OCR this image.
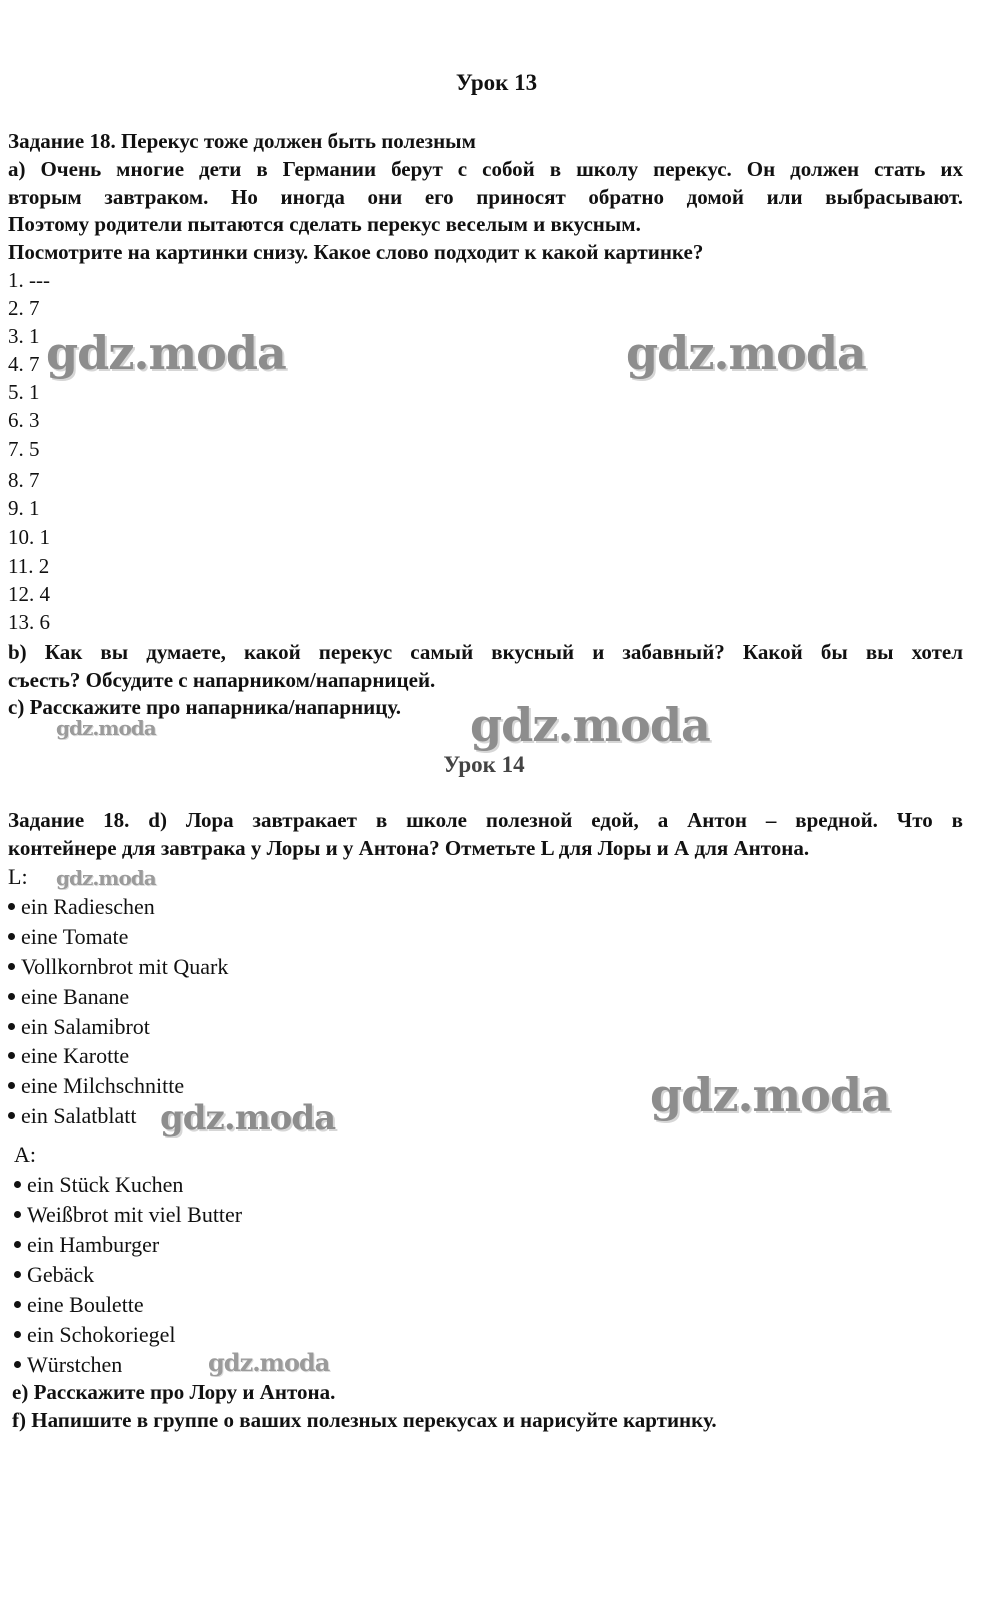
Урок 13
Задание 18. Перекус тоже должен быть полезным
a) Очень многие дети в Германии берут с собой в школу перекус. Он должен стать их
вторым завтраком. Но иногда они его приносят обратно домой или выбрасывают.
Поэтому родители пытаются сделать перекус веселым и вкусным.
Посмотрите на картинки снизу. Какое слово подходит к какой картинке?
1. ---
2. 7
3. 1
4. 7
5. 1
6. 3
7. 5
8. 7
9. 1
10. 1
11. 2
12. 4
13. 6
b) Как вы думаете, какой перекус самый вкусный и забавный? Какой бы вы хотел
съесть? Обсудите с напарником/напарницей.
c) Расскажите про напарника/напарницу.
Урок 14
Задание 18. d) Лора завтракает в школе полезной едой, а Антон – вредной. Что в
контейнере для завтрака у Лоры и у Антона? Отметьте L для Лоры и А для Антона.
L:
ein Radieschen
eine Tomate
Vollkornbrot mit Quark
eine Banane
ein Salamibrot
eine Karotte
eine Milchschnitte
ein Salatblatt
A:
ein Stück Kuchen
Weißbrot mit viel Butter
ein Hamburger
Gebäck
eine Boulette
ein Schokoriegel
Würstchen
e) Расскажите про Лору и Антона.
f) Напишите в группе о ваших полезных перекусах и нарисуйте картинку.
gdz.moda	gdz.moda
gdz.moda
gdz.moda
gdz.moda
gdz.moda
gdz.moda
gdz.moda
